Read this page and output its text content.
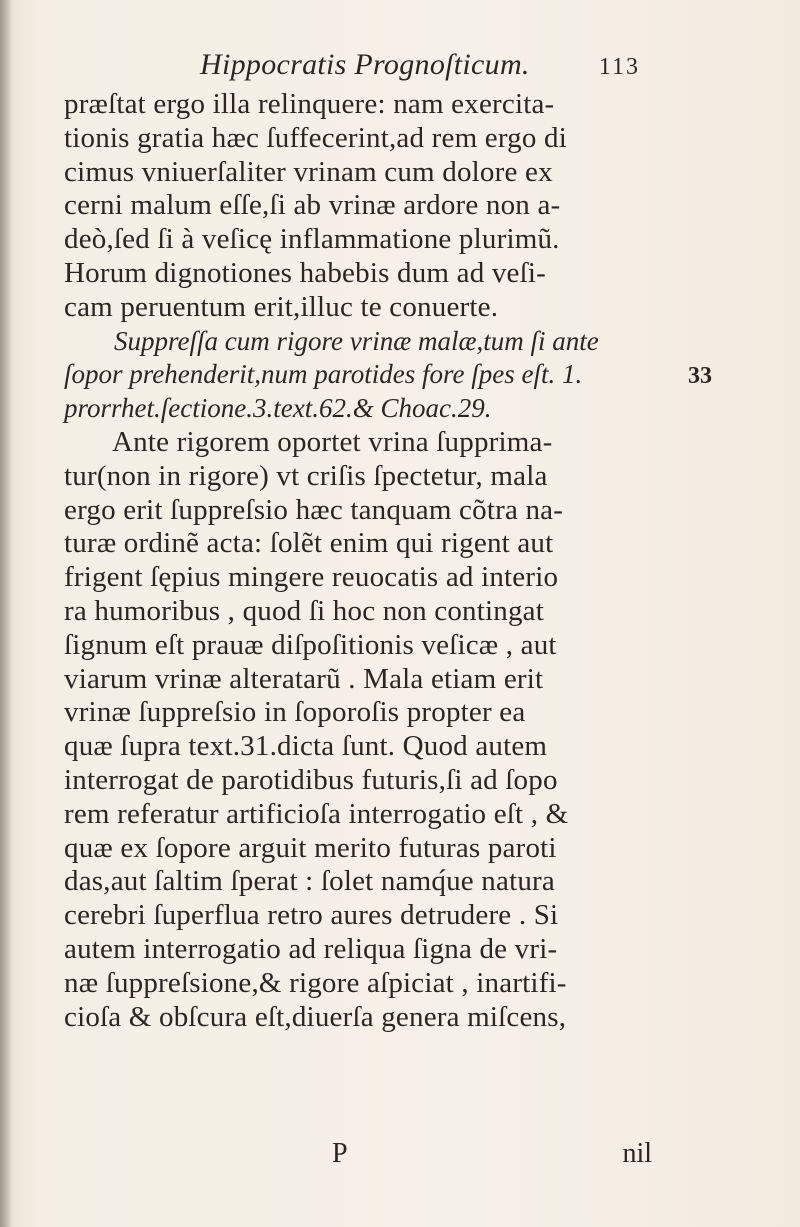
Hippocratis Prognoſticum.	113
præſtat ergo illa relinquere: nam exercita-
tionis gratia hæc ſuffecerint,ad rem ergo di
cimus vniuerſaliter vrinam cum dolore ex
cerni malum eſſe,ſi ab vrinæ ardore non a-
deò,ſed ſi à veſicę inflammatione plurimũ.
Horum dignotiones habebis dum ad veſi-
cam peruentum erit,illuc te conuerte.
Suppreſſa cum rigore vrinæ malæ,tum ſi ante
ſopor prehenderit,num parotides fore ſpes eſt. 1.
prorrhet.ſectione.3.text.62.& Choac.29.
Ante rigorem oportet vrina ſupprima-
tur(non in rigore) vt criſis ſpectetur, mala
ergo erit ſuppreſsio hæc tanquam cõtra na-
turæ ordinẽ acta: ſolẽt enim qui rigent aut
frigent ſępius mingere reuocatis ad interio
ra humoribus , quod ſi hoc non contingat
ſignum eſt prauæ diſpoſitionis veſicæ , aut
viarum vrinæ alteratarũ . Mala etiam erit
vrinæ ſuppreſsio in ſoporoſis propter ea
quæ ſupra text.31.dicta ſunt. Quod autem
interrogat de parotidibus futuris,ſi ad ſopo
rem referatur artificioſa interrogatio eſt , &
quæ ex ſopore arguit merito futuras paroti
das,aut ſaltim ſperat : ſolet namq́ue natura
cerebri ſuperflua retro aures detrudere . Si
autem interrogatio ad reliqua ſigna de vri-
næ ſuppreſsione,& rigore aſpiciat , inartifi-
cioſa & obſcura eſt,diuerſa genera miſcens,
33
P	nil
